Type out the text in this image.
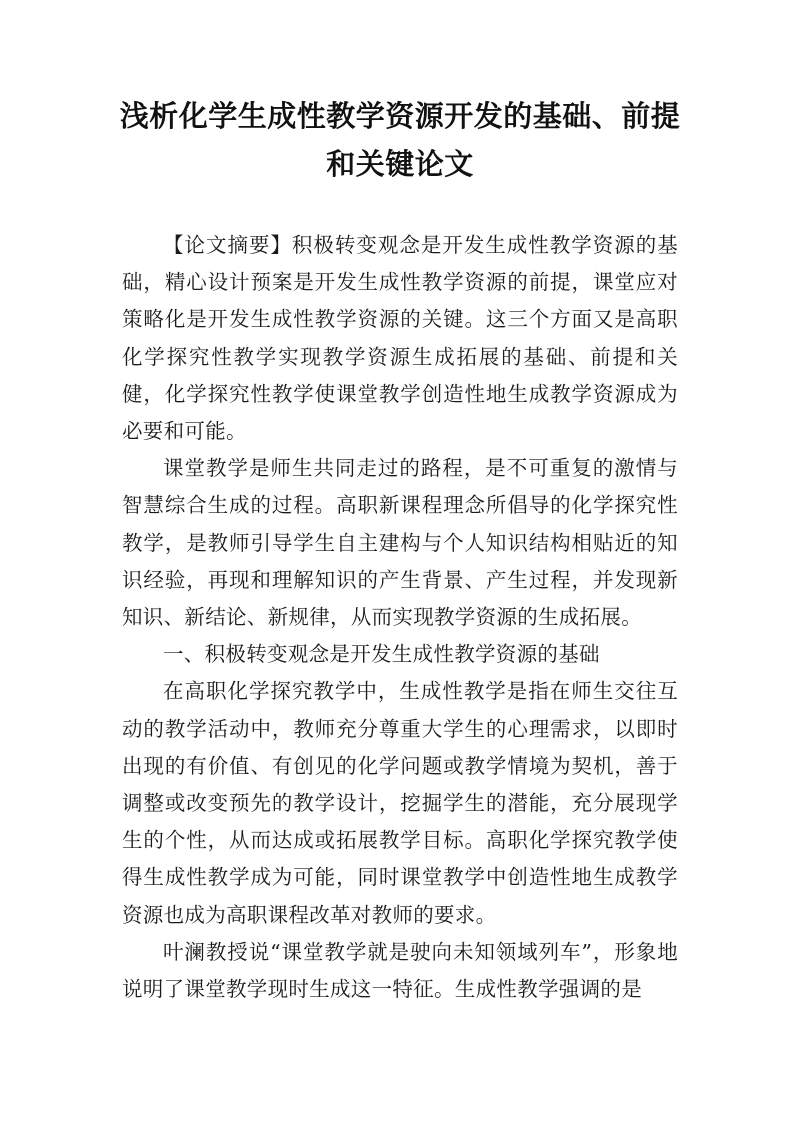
浅析化学生成性教学资源开发的基础、前提
和关键论文

【论文摘要】积极转变观念是开发生成性教学资源的基础，精心设计预案是开发生成性教学资源的前提，课堂应对策略化是开发生成性教学资源的关键。这三个方面又是高职化学探究性教学实现教学资源生成拓展的基础、前提和关健，化学探究性教学使课堂教学创造性地生成教学资源成为必要和可能。

课堂教学是师生共同走过的路程，是不可重复的激情与智慧综合生成的过程。高职新课程理念所倡导的化学探究性教学，是教师引导学生自主建构与个人知识结构相贴近的知识经验，再现和理解知识的产生背景、产生过程，并发现新知识、新结论、新规律，从而实现教学资源的生成拓展。

一、积极转变观念是开发生成性教学资源的基础

在高职化学探究教学中，生成性教学是指在师生交往互动的教学活动中，教师充分尊重大学生的心理需求，以即时出现的有价值、有创见的化学问题或教学情境为契机，善于调整或改变预先的教学设计，挖掘学生的潜能，充分展现学生的个性，从而达成或拓展教学目标。高职化学探究教学使得生成性教学成为可能，同时课堂教学中创造性地生成教学资源也成为高职课程改革对教师的要求。

叶澜教授说“课堂教学就是驶向未知领域列车”，形象地说明了课堂教学现时生成这一特征。生成性教学强调的是
